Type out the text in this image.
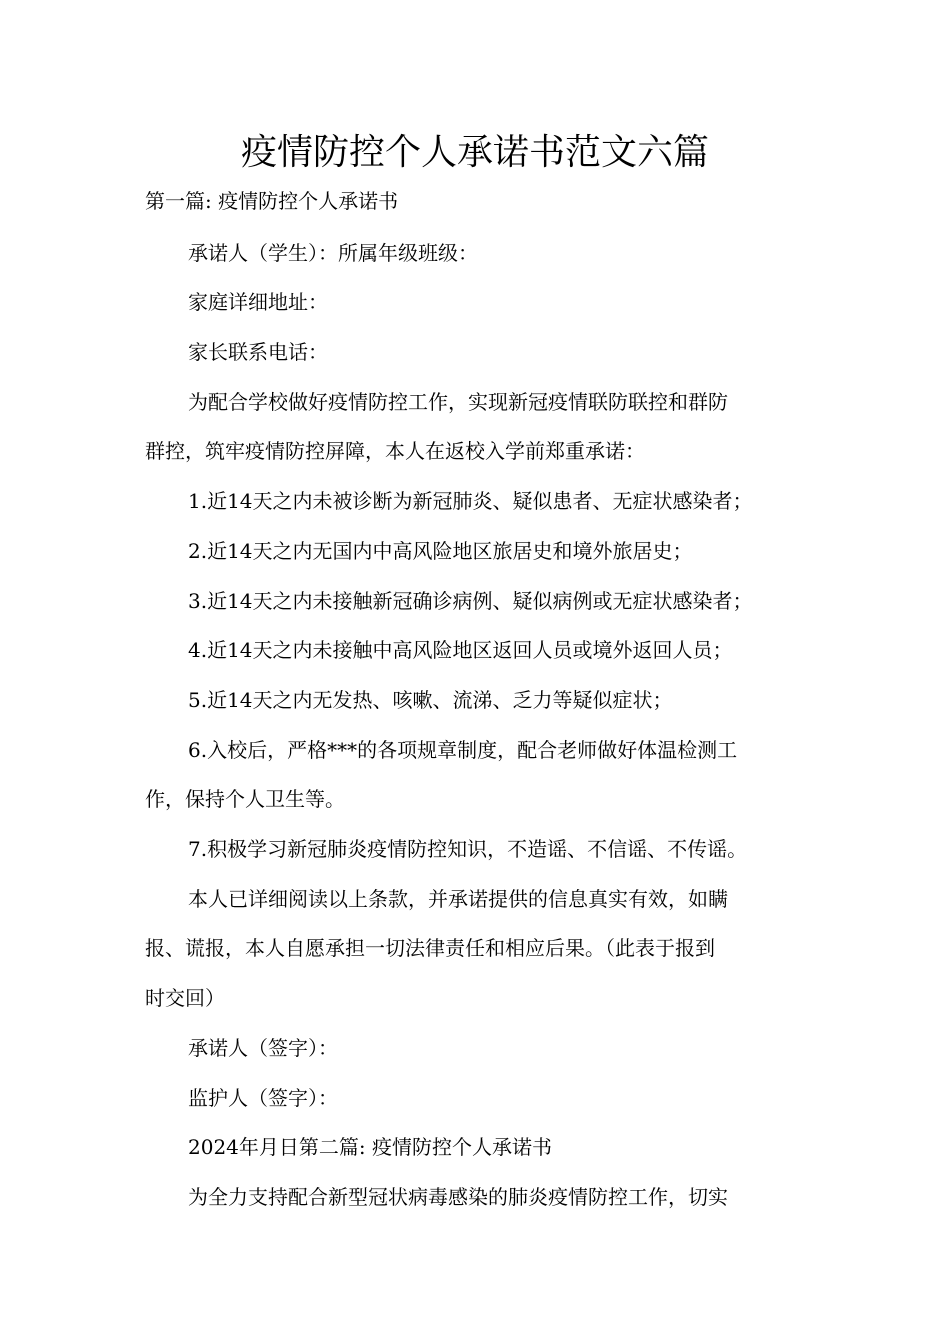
疫情防控个人承诺书范文六篇

第一篇: 疫情防控个人承诺书

承诺人（学生）：所属年级班级：

家庭详细地址：

家长联系电话：

为配合学校做好疫情防控工作，实现新冠疫情联防联控和群防

群控，筑牢疫情防控屏障，本人在返校入学前郑重承诺：

1.近14天之内未被诊断为新冠肺炎、疑似患者、无症状感染者；

2.近14天之内无国内中高风险地区旅居史和境外旅居史；

3.近14天之内未接触新冠确诊病例、疑似病例或无症状感染者；

4.近14天之内未接触中高风险地区返回人员或境外返回人员；

5.近14天之内无发热、咳嗽、流涕、乏力等疑似症状；

6.入校后，严格***的各项规章制度，配合老师做好体温检测工

作，保持个人卫生等。

7.积极学习新冠肺炎疫情防控知识，不造谣、不信谣、不传谣。

本人已详细阅读以上条款，并承诺提供的信息真实有效，如瞒

报、谎报，本人自愿承担一切法律责任和相应后果。（此表于报到

时交回）

承诺人（签字）：

监护人（签字）：

2024年月日第二篇: 疫情防控个人承诺书

为全力支持配合新型冠状病毒感染的肺炎疫情防控工作，切实
